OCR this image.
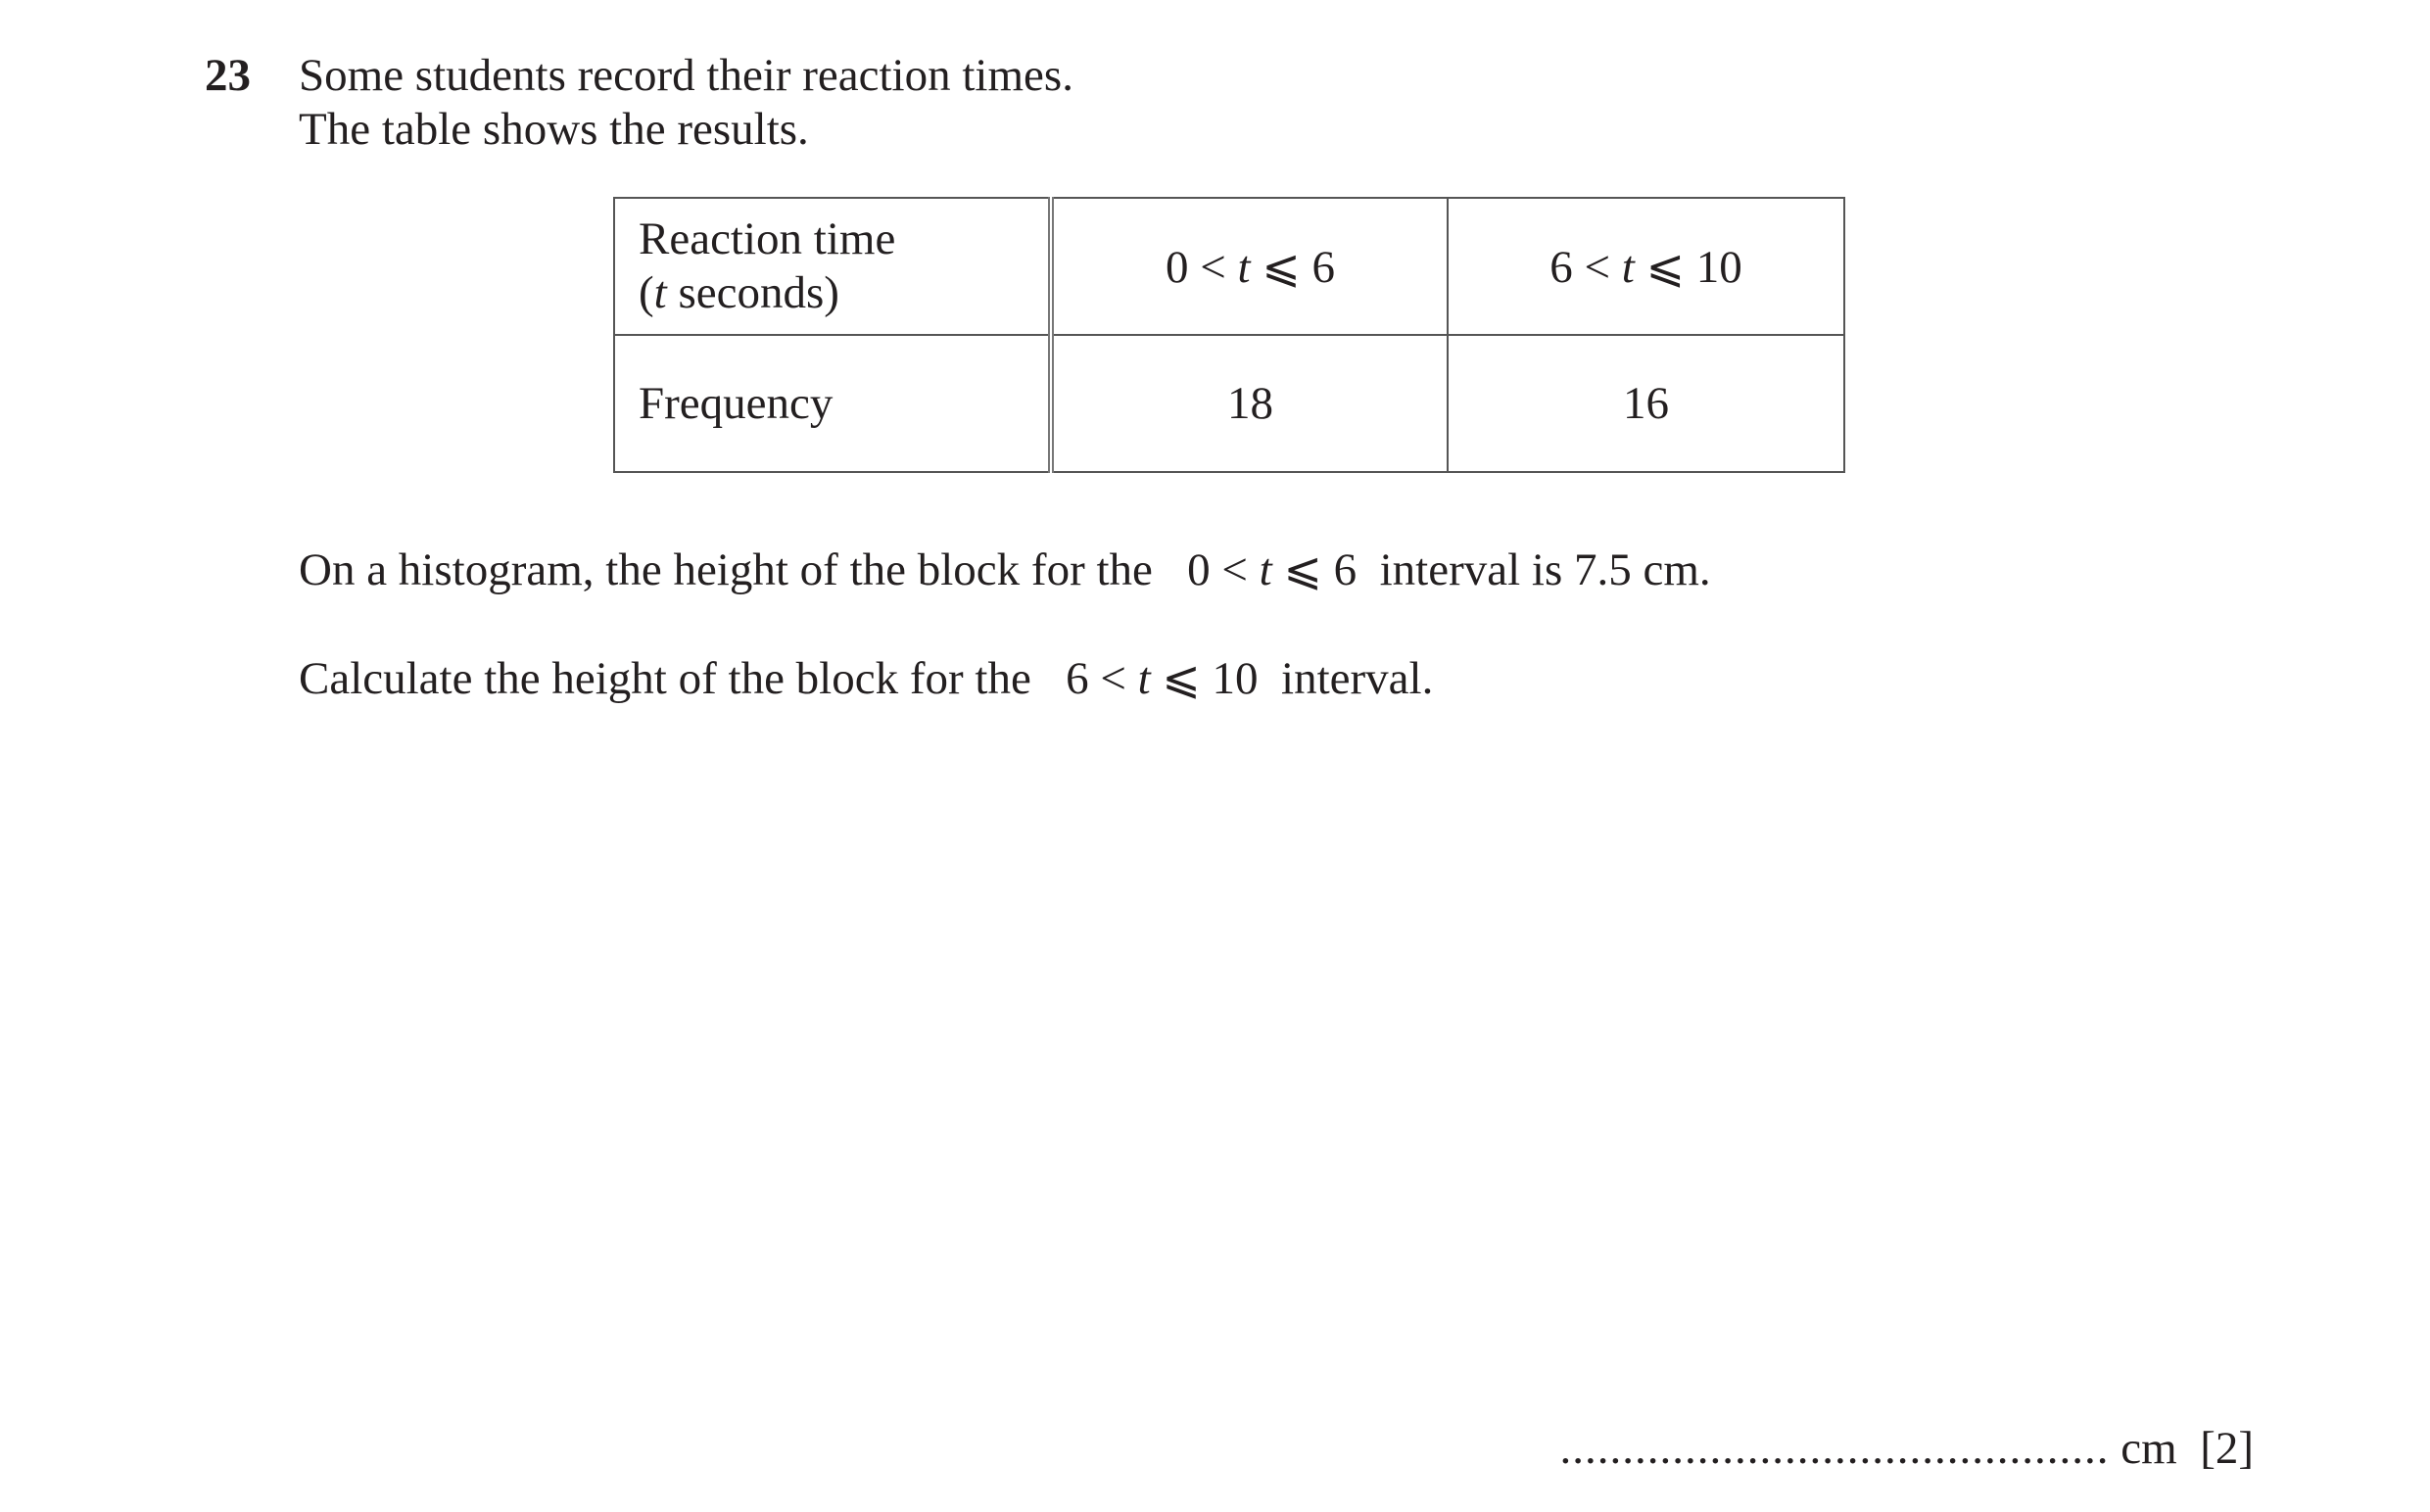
23 Some students record their reaction times.
The table shows the results.
Reaction time
(t seconds)	0 < t ⩽ 6	6 < t ⩽ 10
Frequency	18	16
On a histogram, the height of the block for the   0 < t ⩽ 6  interval is 7.5 cm.
Calculate the height of the block for the   6 < t ⩽ 10  interval.
............................................ cm [2]
